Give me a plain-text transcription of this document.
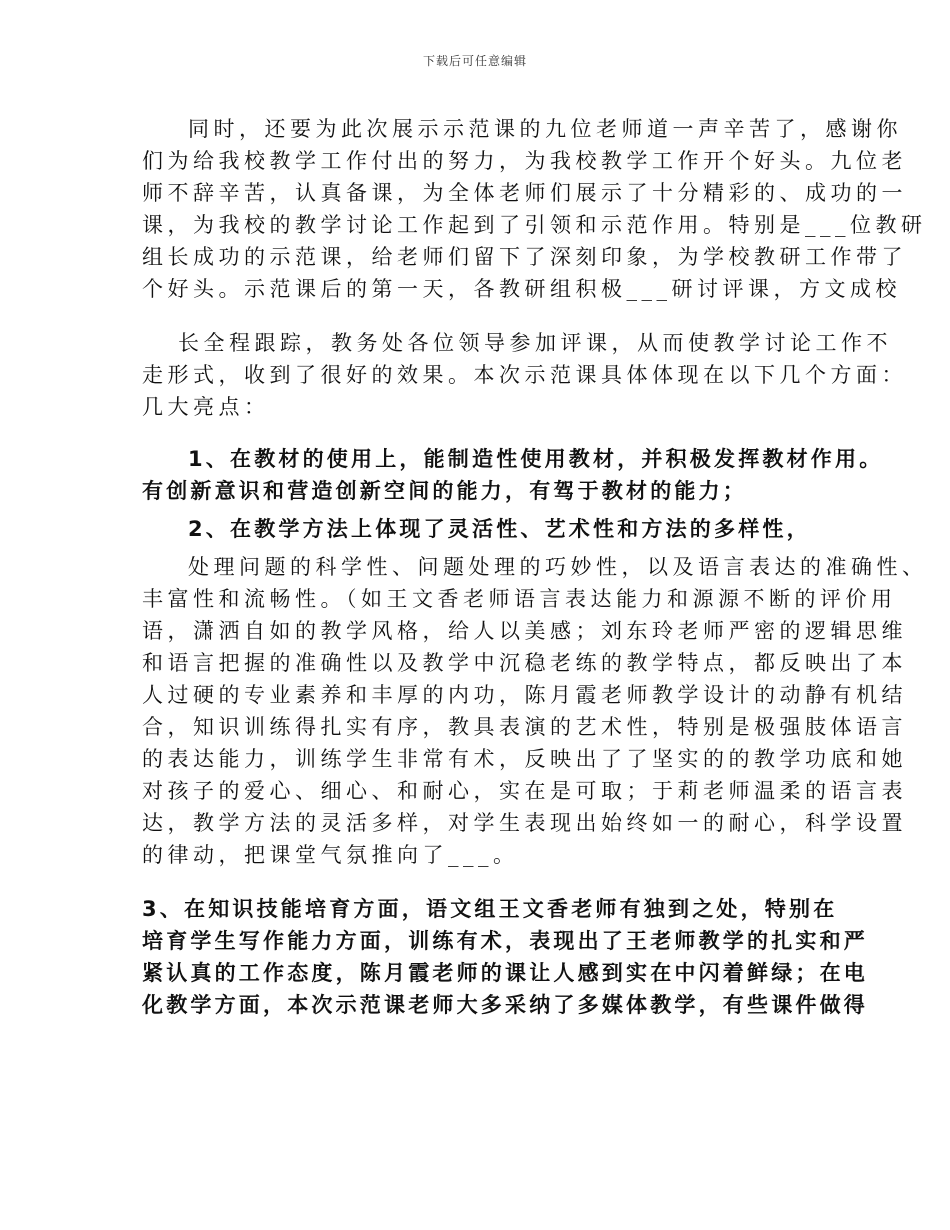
下载后可任意编辑
同时，还要为此次展示示范课的九位老师道一声辛苦了，感谢你
们为给我校教学工作付出的努力，为我校教学工作开个好头。九位老
师不辞辛苦，认真备课，为全体老师们展示了十分精彩的、成功的一
课，为我校的教学讨论工作起到了引领和示范作用。特别是___位教研
组长成功的示范课，给老师们留下了深刻印象，为学校教研工作带了
个好头。示范课后的第一天，各教研组积极___研讨评课，方文成校
长全程跟踪，教务处各位领导参加评课，从而使教学讨论工作不
走形式，收到了很好的效果。本次示范课具体体现在以下几个方面：
几大亮点：
1、在教材的使用上，能制造性使用教材，并积极发挥教材作用。
有创新意识和营造创新空间的能力，有驾于教材的能力；
2、在教学方法上体现了灵活性、艺术性和方法的多样性，
处理问题的科学性、问题处理的巧妙性，以及语言表达的准确性、
丰富性和流畅性。（如王文香老师语言表达能力和源源不断的评价用
语，潇洒自如的教学风格，给人以美感；刘东玲老师严密的逻辑思维
和语言把握的准确性以及教学中沉稳老练的教学特点，都反映出了本
人过硬的专业素养和丰厚的内功，陈月霞老师教学设计的动静有机结
合，知识训练得扎实有序，教具表演的艺术性，特别是极强肢体语言
的表达能力，训练学生非常有术，反映出了了坚实的的教学功底和她
对孩子的爱心、细心、和耐心，实在是可取；于莉老师温柔的语言表
达，教学方法的灵活多样，对学生表现出始终如一的耐心，科学设置
的律动，把课堂气氛推向了___。
3、在知识技能培育方面，语文组王文香老师有独到之处，特别在
培育学生写作能力方面，训练有术，表现出了王老师教学的扎实和严
紧认真的工作态度，陈月霞老师的课让人感到实在中闪着鲜绿；在电
化教学方面，本次示范课老师大多采纳了多媒体教学，有些课件做得
